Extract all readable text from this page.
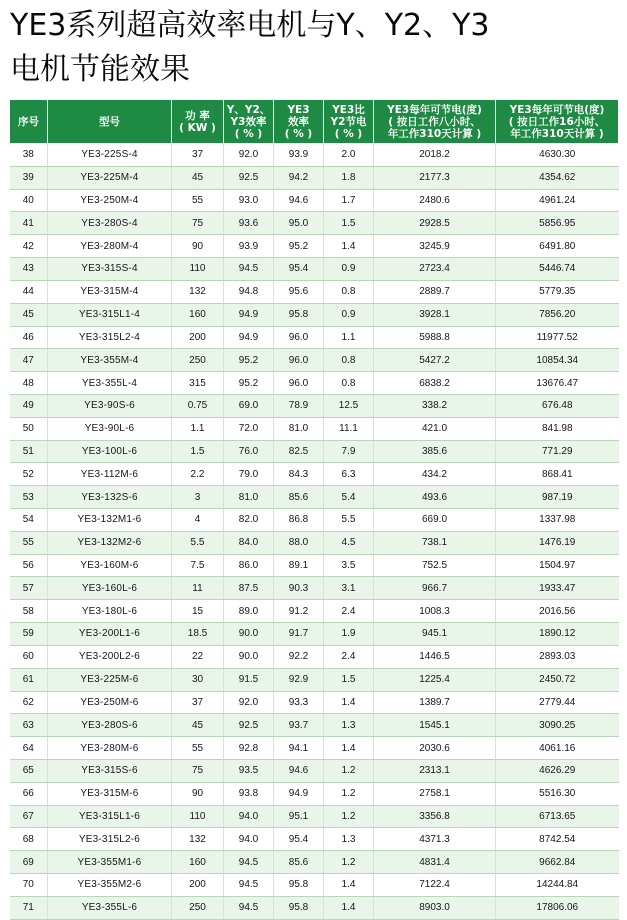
YE3系列超高效率电机与Y、Y2、Y3
电机节能效果
序号	型号	功 率
( KW )	Y、Y2、
Y3效率
( % )	YE3
效率
( % )	YE3比
Y2节电
( % )	YE3每年可节电(度)
( 按日工作八小时、
年工作310天计算 )	YE3每年可节电(度)
( 按日工作16小时、
年工作310天计算 )
38	YE3-225S-4	37	92.0	93.9	2.0	2018.2	4630.30
39	YE3-225M-4	45	92.5	94.2	1.8	2177.3	4354.62
40	YE3-250M-4	55	93.0	94.6	1.7	2480.6	4961.24
41	YE3-280S-4	75	93.6	95.0	1.5	2928.5	5856.95
42	YE3-280M-4	90	93.9	95.2	1.4	3245.9	6491.80
43	YE3-315S-4	110	94.5	95.4	0.9	2723.4	5446.74
44	YE3-315M-4	132	94.8	95.6	0.8	2889.7	5779.35
45	YE3-315L1-4	160	94.9	95.8	0.9	3928.1	7856.20
46	YE3-315L2-4	200	94.9	96.0	1.1	5988.8	11977.52
47	YE3-355M-4	250	95.2	96.0	0.8	5427.2	10854.34
48	YE3-355L-4	315	95.2	96.0	0.8	6838.2	13676.47
49	YE3-90S-6	0.75	69.0	78.9	12.5	338.2	676.48
50	YE3-90L-6	1.1	72.0	81.0	11.1	421.0	841.98
51	YE3-100L-6	1.5	76.0	82.5	7.9	385.6	771.29
52	YE3-112M-6	2.2	79.0	84.3	6.3	434.2	868.41
53	YE3-132S-6	3	81.0	85.6	5.4	493.6	987.19
54	YE3-132M1-6	4	82.0	86.8	5.5	669.0	1337.98
55	YE3-132M2-6	5.5	84.0	88.0	4.5	738.1	1476.19
56	YE3-160M-6	7.5	86.0	89.1	3.5	752.5	1504.97
57	YE3-160L-6	11	87.5	90.3	3.1	966.7	1933.47
58	YE3-180L-6	15	89.0	91.2	2.4	1008.3	2016.56
59	YE3-200L1-6	18.5	90.0	91.7	1.9	945.1	1890.12
60	YE3-200L2-6	22	90.0	92.2	2.4	1446.5	2893.03
61	YE3-225M-6	30	91.5	92.9	1.5	1225.4	2450.72
62	YE3-250M-6	37	92.0	93.3	1.4	1389.7	2779.44
63	YE3-280S-6	45	92.5	93.7	1.3	1545.1	3090.25
64	YE3-280M-6	55	92.8	94.1	1.4	2030.6	4061.16
65	YE3-315S-6	75	93.5	94.6	1.2	2313.1	4626.29
66	YE3-315M-6	90	93.8	94.9	1.2	2758.1	5516.30
67	YE3-315L1-6	110	94.0	95.1	1.2	3356.8	6713.65
68	YE3-315L2-6	132	94.0	95.4	1.3	4371.3	8742.54
69	YE3-355M1-6	160	94.5	85.6	1.2	4831.4	9662.84
70	YE3-355M2-6	200	94.5	95.8	1.4	7122.4	14244.84
71	YE3-355L-6	250	94.5	95.8	1.4	8903.0	17806.06
